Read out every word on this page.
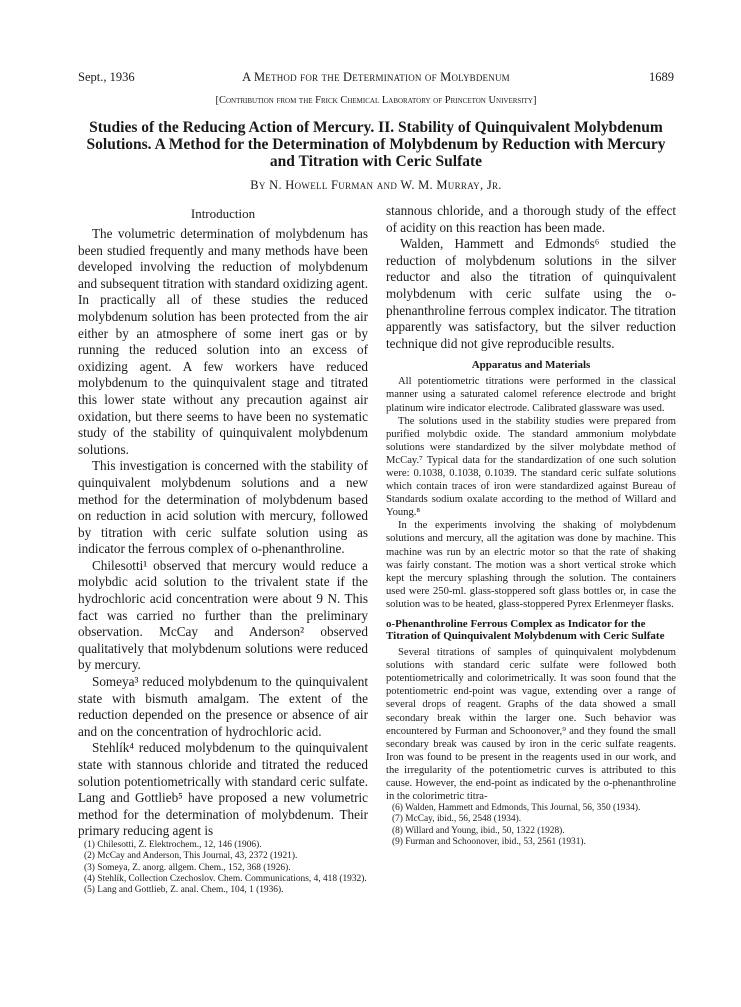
Sept., 1936	A Method for the Determination of Molybdenum	1689
[Contribution from the Frick Chemical Laboratory of Princeton University]
Studies of the Reducing Action of Mercury. II. Stability of Quinquivalent Molybdenum Solutions. A Method for the Determination of Molybdenum by Reduction with Mercury and Titration with Ceric Sulfate
By N. Howell Furman and W. M. Murray, Jr.
Introduction

The volumetric determination of molybdenum has been studied frequently and many methods have been developed involving the reduction of molybdenum and subsequent titration with standard oxidizing agent. In practically all of these studies the reduced molybdenum solution has been protected from the air either by an atmosphere of some inert gas or by running the reduced solution into an excess of oxidizing agent. A few workers have reduced molybdenum to the quinquivalent stage and titrated this lower state without any precaution against air oxidation, but there seems to have been no systematic study of the stability of quinquivalent molybdenum solutions.

This investigation is concerned with the stability of quinquivalent molybdenum solutions and a new method for the determination of molybdenum based on reduction in acid solution with mercury, followed by titration with ceric sulfate solution using as indicator the ferrous complex of o-phenanthroline.

Chilesotti¹ observed that mercury would reduce a molybdic acid solution to the trivalent state if the hydrochloric acid concentration were about 9 N. This fact was carried no further than the preliminary observation. McCay and Anderson² observed qualitatively that molybdenum solutions were reduced by mercury.

Someya³ reduced molybdenum to the quinquivalent state with bismuth amalgam. The extent of the reduction depended on the presence or absence of air and on the concentration of hydrochloric acid.

Stehlík⁴ reduced molybdenum to the quinquivalent state with stannous chloride and titrated the reduced solution potentiometrically with standard ceric sulfate. Lang and Gottlieb⁵ have proposed a new volumetric method for the determination of molybdenum. Their primary reducing agent is

(1) Chilesotti, Z. Elektrochem., 12, 146 (1906).
(2) McCay and Anderson, This Journal, 43, 2372 (1921).
(3) Someya, Z. anorg. allgem. Chem., 152, 368 (1926).
(4) Stehlík, Collection Czechoslov. Chem. Communications, 4, 418 (1932).
(5) Lang and Gottlieb, Z. anal. Chem., 104, 1 (1936).

stannous chloride, and a thorough study of the effect of acidity on this reaction has been made.

Walden, Hammett and Edmonds⁶ studied the reduction of molybdenum solutions in the silver reductor and also the titration of quinquivalent molybdenum with ceric sulfate using the o-phenanthroline ferrous complex indicator. The titration apparently was satisfactory, but the silver reduction technique did not give reproducible results.

Apparatus and Materials

All potentiometric titrations were performed in the classical manner using a saturated calomel reference electrode and bright platinum wire indicator electrode. Calibrated glassware was used.

The solutions used in the stability studies were prepared from purified molybdic oxide. The standard ammonium molybdate solutions were standardized by the silver molybdate method of McCay.⁷ Typical data for the standardization of one such solution were: 0.1038, 0.1038, 0.1039. The standard ceric sulfate solutions which contain traces of iron were standardized against Bureau of Standards sodium oxalate according to the method of Willard and Young.⁸

In the experiments involving the shaking of molybdenum solutions and mercury, all the agitation was done by machine. This machine was run by an electric motor so that the rate of shaking was fairly constant. The motion was a short vertical stroke which kept the mercury splashing through the solution. The containers used were 250-ml. glass-stoppered soft glass bottles or, in case the solution was to be heated, glass-stoppered Pyrex Erlenmeyer flasks.

o-Phenanthroline Ferrous Complex as Indicator for the Titration of Quinquivalent Molybdenum with Ceric Sulfate

Several titrations of samples of quinquivalent molybdenum solutions with standard ceric sulfate were followed both potentiometrically and colorimetrically. It was soon found that the potentiometric end-point was vague, extending over a range of several drops of reagent. Graphs of the data showed a small secondary break within the larger one. Such behavior was encountered by Furman and Schoonover,⁹ and they found the small secondary break was caused by iron in the ceric sulfate reagents. Iron was found to be present in the reagents used in our work, and the irregularity of the potentiometric curves is attributed to this cause. However, the end-point as indicated by the o-phenanthroline in the colorimetric titra-

(6) Walden, Hammett and Edmonds, This Journal, 56, 350 (1934).
(7) McCay, ibid., 56, 2548 (1934).
(8) Willard and Young, ibid., 50, 1322 (1928).
(9) Furman and Schoonover, ibid., 53, 2561 (1931).
